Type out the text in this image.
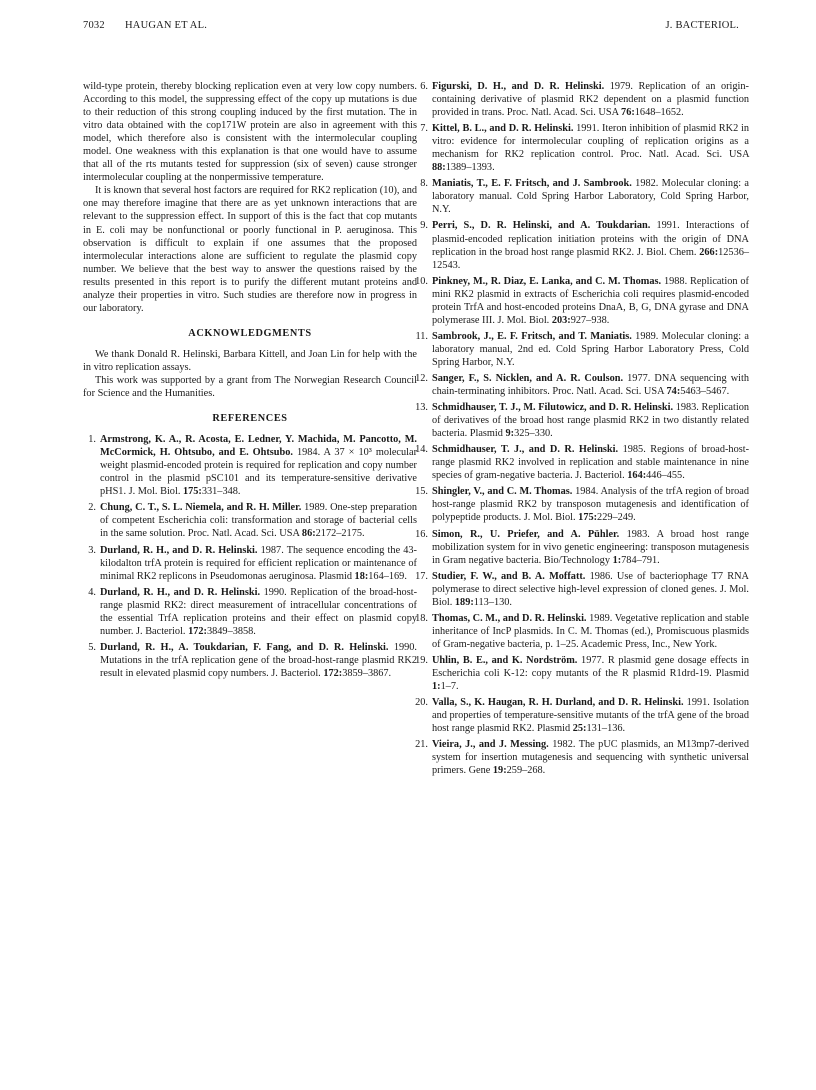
7032 HAUGAN ET AL.	J. BACTERIOL.

wild-type protein, thereby blocking replication even at very low copy numbers. According to this model, the suppressing effect of the copy up mutations is due to their reduction of this strong coupling induced by the first mutation. The in vitro data obtained with the cop171W protein are also in agreement with this model, which therefore also is consistent with the intermolecular coupling model. One weakness with this explanation is that one would have to assume that all of the rts mutants tested for suppression (six of seven) cause stronger intermolecular coupling at the nonpermissive temperature.

It is known that several host factors are required for RK2 replication (10), and one may therefore imagine that there are as yet unknown interactions that are relevant to the suppression effect. In support of this is the fact that cop mutants in E. coli may be nonfunctional or poorly functional in P. aeruginosa. This observation is difficult to explain if one assumes that the proposed intermolecular interactions alone are sufficient to regulate the plasmid copy number. We believe that the best way to answer the questions raised by the results presented in this report is to purify the different mutant proteins and analyze their properties in vitro. Such studies are therefore now in progress in our laboratory.

ACKNOWLEDGMENTS

We thank Donald R. Helinski, Barbara Kittell, and Joan Lin for help with the in vitro replication assays.

This work was supported by a grant from The Norwegian Research Council for Science and the Humanities.

REFERENCES
1. Armstrong, K. A., R. Acosta, E. Ledner, Y. Machida, M. Pancotto, M. McCormick, H. Ohtsubo, and E. Ohtsubo. 1984. A 37 × 10³ molecular weight plasmid-encoded protein is required for replication and copy number control in the plasmid pSC101 and its temperature-sensitive derivative pHS1. J. Mol. Biol. 175:331–348.
2. Chung, C. T., S. L. Niemela, and R. H. Miller. 1989. One-step preparation of competent Escherichia coli: transformation and storage of bacterial cells in the same solution. Proc. Natl. Acad. Sci. USA 86:2172–2175.
3. Durland, R. H., and D. R. Helinski. 1987. The sequence encoding the 43-kilodalton trfA protein is required for efficient replication or maintenance of minimal RK2 replicons in Pseudomonas aeruginosa. Plasmid 18:164–169.
4. Durland, R. H., and D. R. Helinski. 1990. Replication of the broad-host-range plasmid RK2: direct measurement of intracellular concentrations of the essential TrfA replication proteins and their effect on plasmid copy number. J. Bacteriol. 172:3849–3858.
5. Durland, R. H., A. Toukdarian, F. Fang, and D. R. Helinski. 1990. Mutations in the trfA replication gene of the broad-host-range plasmid RK2 result in elevated plasmid copy numbers. J. Bacteriol. 172:3859–3867.
6. Figurski, D. H., and D. R. Helinski. 1979. Replication of an origin-containing derivative of plasmid RK2 dependent on a plasmid function provided in trans. Proc. Natl. Acad. Sci. USA 76:1648–1652.
7. Kittel, B. L., and D. R. Helinski. 1991. Iteron inhibition of plasmid RK2 in vitro: evidence for intermolecular coupling of replication origins as a mechanism for RK2 replication control. Proc. Natl. Acad. Sci. USA 88:1389–1393.
8. Maniatis, T., E. F. Fritsch, and J. Sambrook. 1982. Molecular cloning: a laboratory manual. Cold Spring Harbor Laboratory, Cold Spring Harbor, N.Y.
9. Perri, S., D. R. Helinski, and A. Toukdarian. 1991. Interactions of plasmid-encoded replication initiation proteins with the origin of DNA replication in the broad host range plasmid RK2. J. Biol. Chem. 266:12536–12543.
10. Pinkney, M., R. Diaz, E. Lanka, and C. M. Thomas. 1988. Replication of mini RK2 plasmid in extracts of Escherichia coli requires plasmid-encoded protein TrfA and host-encoded proteins DnaA, B, G, DNA gyrase and DNA polymerase III. J. Mol. Biol. 203:927–938.
11. Sambrook, J., E. F. Fritsch, and T. Maniatis. 1989. Molecular cloning: a laboratory manual, 2nd ed. Cold Spring Harbor Laboratory Press, Cold Spring Harbor, N.Y.
12. Sanger, F., S. Nicklen, and A. R. Coulson. 1977. DNA sequencing with chain-terminating inhibitors. Proc. Natl. Acad. Sci. USA 74:5463–5467.
13. Schmidhauser, T. J., M. Filutowicz, and D. R. Helinski. 1983. Replication of derivatives of the broad host range plasmid RK2 in two distantly related bacteria. Plasmid 9:325–330.
14. Schmidhauser, T. J., and D. R. Helinski. 1985. Regions of broad-host-range plasmid RK2 involved in replication and stable maintenance in nine species of gram-negative bacteria. J. Bacteriol. 164:446–455.
15. Shingler, V., and C. M. Thomas. 1984. Analysis of the trfA region of broad host-range plasmid RK2 by transposon mutagenesis and identification of polypeptide products. J. Mol. Biol. 175:229–249.
16. Simon, R., U. Priefer, and A. Pühler. 1983. A broad host range mobilization system for in vivo genetic engineering: transposon mutagenesis in Gram negative bacteria. Bio/Technology 1:784–791.
17. Studier, F. W., and B. A. Moffatt. 1986. Use of bacteriophage T7 RNA polymerase to direct selective high-level expression of cloned genes. J. Mol. Biol. 189:113–130.
18. Thomas, C. M., and D. R. Helinski. 1989. Vegetative replication and stable inheritance of IncP plasmids. In C. M. Thomas (ed.), Promiscuous plasmids of Gram-negative bacteria, p. 1–25. Academic Press, Inc., New York.
19. Uhlin, B. E., and K. Nordström. 1977. R plasmid gene dosage effects in Escherichia coli K-12: copy mutants of the R plasmid R1drd-19. Plasmid 1:1–7.
20. Valla, S., K. Haugan, R. H. Durland, and D. R. Helinski. 1991. Isolation and properties of temperature-sensitive mutants of the trfA gene of the broad host range plasmid RK2. Plasmid 25:131–136.
21. Vieira, J., and J. Messing. 1982. The pUC plasmids, an M13mp7-derived system for insertion mutagenesis and sequencing with synthetic universal primers. Gene 19:259–268.
